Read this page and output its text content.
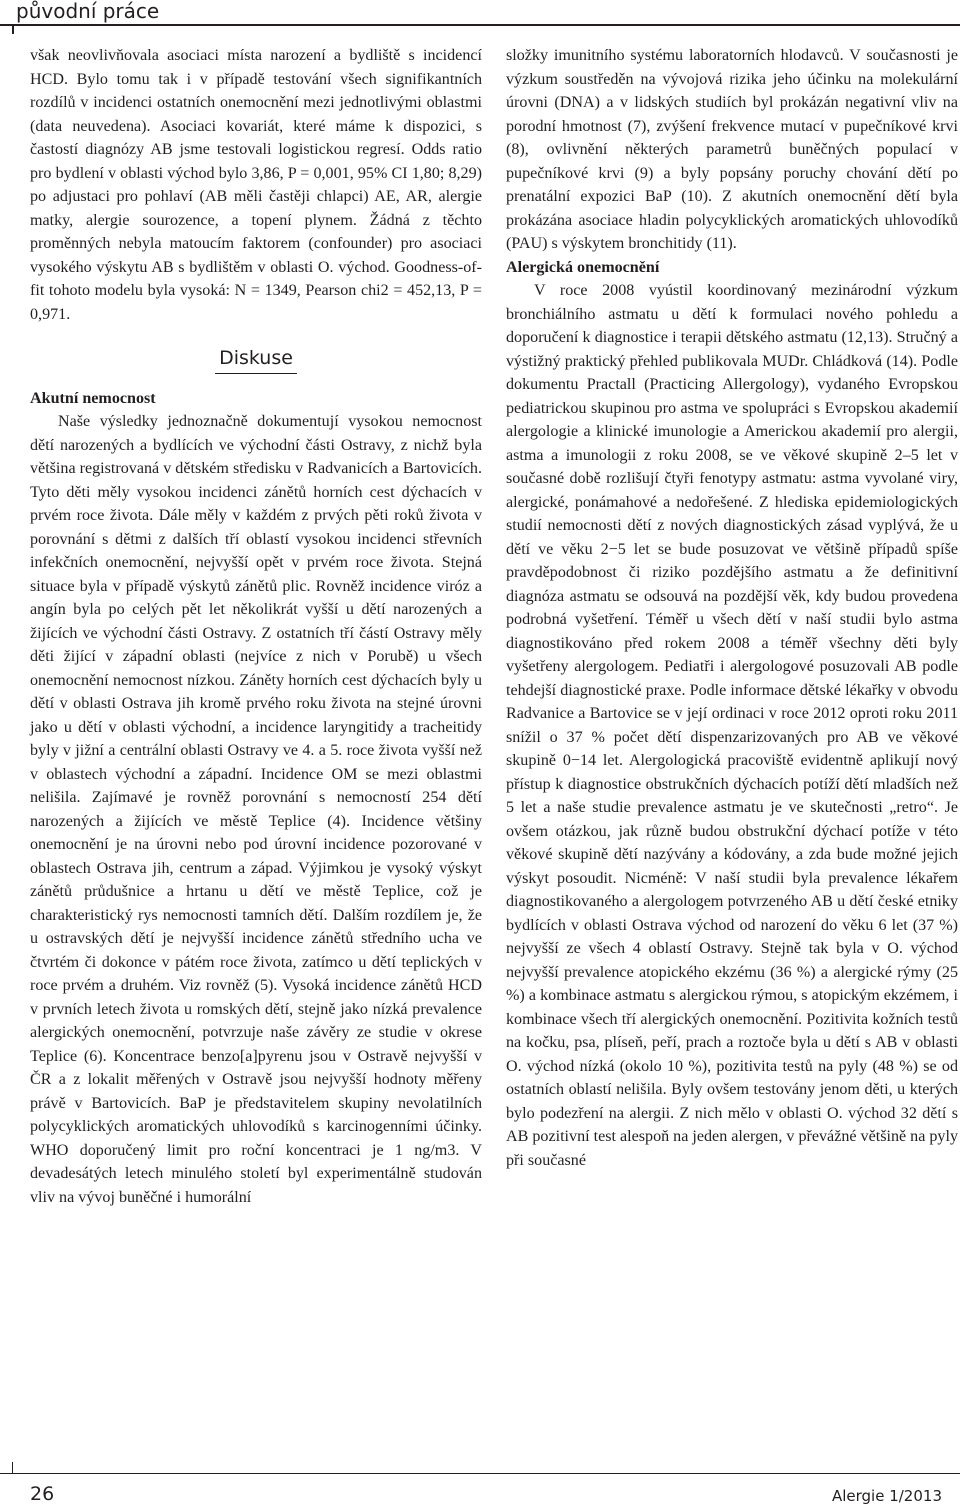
původní práce

však neovlivňovala asociaci místa narození a bydliště s incidencí HCD. Bylo tomu tak i v případě testování všech signifikantních rozdílů v incidenci ostatních onemocnění mezi jednotlivými oblastmi (data neuvedena). Asociaci kovariát, které máme k dispozici, s častostí diagnózy AB jsme testovali logistickou regresí. Odds ratio pro bydlení v oblasti východ bylo 3,86, P = 0,001, 95% CI 1,80; 8,29) po adjustaci pro pohlaví (AB měli častěji chlapci) AE, AR, alergie matky, alergie sourozence, a topení plynem. Žádná z těchto proměnných nebyla matoucím faktorem (confounder) pro asociaci vysokého výskytu AB s bydlištěm v oblasti O. východ. Goodness-of-fit tohoto modelu byla vysoká: N = 1349, Pearson chi2 = 452,13, P = 0,971.

Diskuse

Akutní nemocnost

Naše výsledky jednoznačně dokumentují vysokou nemocnost dětí narozených a bydlících ve východní části Ostravy, z nichž byla většina registrovaná v dětském středisku v Radvanicích a Bartovicích. Tyto děti měly vysokou incidenci zánětů horních cest dýchacích v prvém roce života. Dále měly v každém z prvých pěti roků života v porovnání s dětmi z dalších tří oblastí vysokou incidenci střevních infekčních onemocnění, nejvyšší opět v prvém roce života. Stejná situace byla v případě výskytů zánětů plic. Rovněž incidence viróz a angín byla po celých pět let několikrát vyšší u dětí narozených a žijících ve východní části Ostravy. Z ostatních tří částí Ostravy měly děti žijící v západní oblasti (nejvíce z nich v Porubě) u všech onemocnění nemocnost nízkou. Záněty horních cest dýchacích byly u dětí v oblasti Ostrava jih kromě prvého roku života na stejné úrovni jako u dětí v oblasti východní, a incidence laryngitidy a tracheitidy byly v jižní a centrální oblasti Ostravy ve 4. a 5. roce života vyšší než v oblastech východní a západní. Incidence OM se mezi oblastmi nelišila. Zajímavé je rovněž porovnání s nemocností 254 dětí narozených a žijících ve městě Teplice (4). Incidence většiny onemocnění je na úrovni nebo pod úrovní incidence pozorované v oblastech Ostrava jih, centrum a západ. Výjimkou je vysoký výskyt zánětů průdušnice a hrtanu u dětí ve městě Teplice, což je charakteristický rys nemocnosti tamních dětí. Dalším rozdílem je, že u ostravských dětí je nejvyšší incidence zánětů středního ucha ve čtvrtém či dokonce v pátém roce života, zatímco u dětí teplických v roce prvém a druhém. Viz rovněž (5). Vysoká incidence zánětů HCD v prvních letech života u romských dětí, stejně jako nízká prevalence alergických onemocnění, potvrzuje naše závěry ze studie v okrese Teplice (6). Koncentrace benzo[a]pyrenu jsou v Ostravě nejvyšší v ČR a z lokalit měřených v Ostravě jsou nejvyšší hodnoty měřeny právě v Bartovicích. BaP je představitelem skupiny nevolatilních polycyklických aromatických uhlovodíků s karcinogenními účinky. WHO doporučený limit pro roční koncentraci je 1 ng/m3. V devadesátých letech minulého století byl experimentálně studován vliv na vývoj buněčné i humorální

složky imunitního systému laboratorních hlodavců. V současnosti je výzkum soustředěn na vývojová rizika jeho účinku na molekulární úrovni (DNA) a v lidských studiích byl prokázán negativní vliv na porodní hmotnost (7), zvýšení frekvence mutací v pupečníkové krvi (8), ovlivnění některých parametrů buněčných populací v pupečníkové krvi (9) a byly popsány poruchy chování dětí po prenatální expozici BaP (10). Z akutních onemocnění dětí byla prokázána asociace hladin polycyklických aromatických uhlovodíků (PAU) s výskytem bronchitidy (11).

Alergická onemocnění

V roce 2008 vyústil koordinovaný mezinárodní výzkum bronchiálního astmatu u dětí k formulaci nového pohledu a doporučení k diagnostice i terapii dětského astmatu (12,13). Stručný a výstižný praktický přehled publikovala MUDr. Chládková (14). Podle dokumentu Practall (Practicing Allergology), vydaného Evropskou pediatrickou skupinou pro astma ve spolupráci s Evropskou akademií alergologie a klinické imunologie a Americkou akademií pro alergii, astma a imunologii z roku 2008, se ve věkové skupině 2–5 let v současné době rozlišují čtyři fenotypy astmatu: astma vyvolané viry, alergické, ponámahové a nedořešené. Z hlediska epidemiologických studií nemocnosti dětí z nových diagnostických zásad vyplývá, že u dětí ve věku 2−5 let se bude posuzovat ve většině případů spíše pravděpodobnost či riziko pozdějšího astmatu a že definitivní diagnóza astmatu se odsouvá na pozdější věk, kdy budou provedena podrobná vyšetření. Téměř u všech dětí v naší studii bylo astma diagnostikováno před rokem 2008 a téměř všechny děti byly vyšetřeny alergologem. Pediatři i alergologové posuzovali AB podle tehdejší diagnostické praxe. Podle informace dětské lékařky v obvodu Radvanice a Bartovice se v její ordinaci v roce 2012 oproti roku 2011 snížil o 37 % počet dětí dispenzarizovaných pro AB ve věkové skupině 0−14 let. Alergologická pracoviště evidentně aplikují nový přístup k diagnostice obstrukčních dýchacích potíží dětí mladších než 5 let a naše studie prevalence astmatu je ve skutečnosti „retro“. Je ovšem otázkou, jak různě budou obstrukční dýchací potíže v této věkové skupině dětí nazývány a kódovány, a zda bude možné jejich výskyt posoudit. Nicméně: V naší studii byla prevalence lékařem diagnostikovaného a alergologem potvrzeného AB u dětí české etniky bydlících v oblasti Ostrava východ od narození do věku 6 let (37 %) nejvyšší ze všech 4 oblastí Ostravy. Stejně tak byla v O. východ nejvyšší prevalence atopického ekzému (36 %) a alergické rýmy (25 %) a kombinace astmatu s alergickou rýmou, s atopickým ekzémem, i kombinace všech tří alergických onemocnění. Pozitivita kožních testů na kočku, psa, plíseň, peří, prach a roztoče byla u dětí s AB v oblasti O. východ nízká (okolo 10 %), pozitivita testů na pyly (48 %) se od ostatních oblastí nelišila. Byly ovšem testovány jenom děti, u kterých bylo podezření na alergii. Z nich mělo v oblasti O. východ 32 dětí s AB pozitivní test alespoň na jeden alergen, v převážné většině na pyly při současné

26	Alergie 1/2013
